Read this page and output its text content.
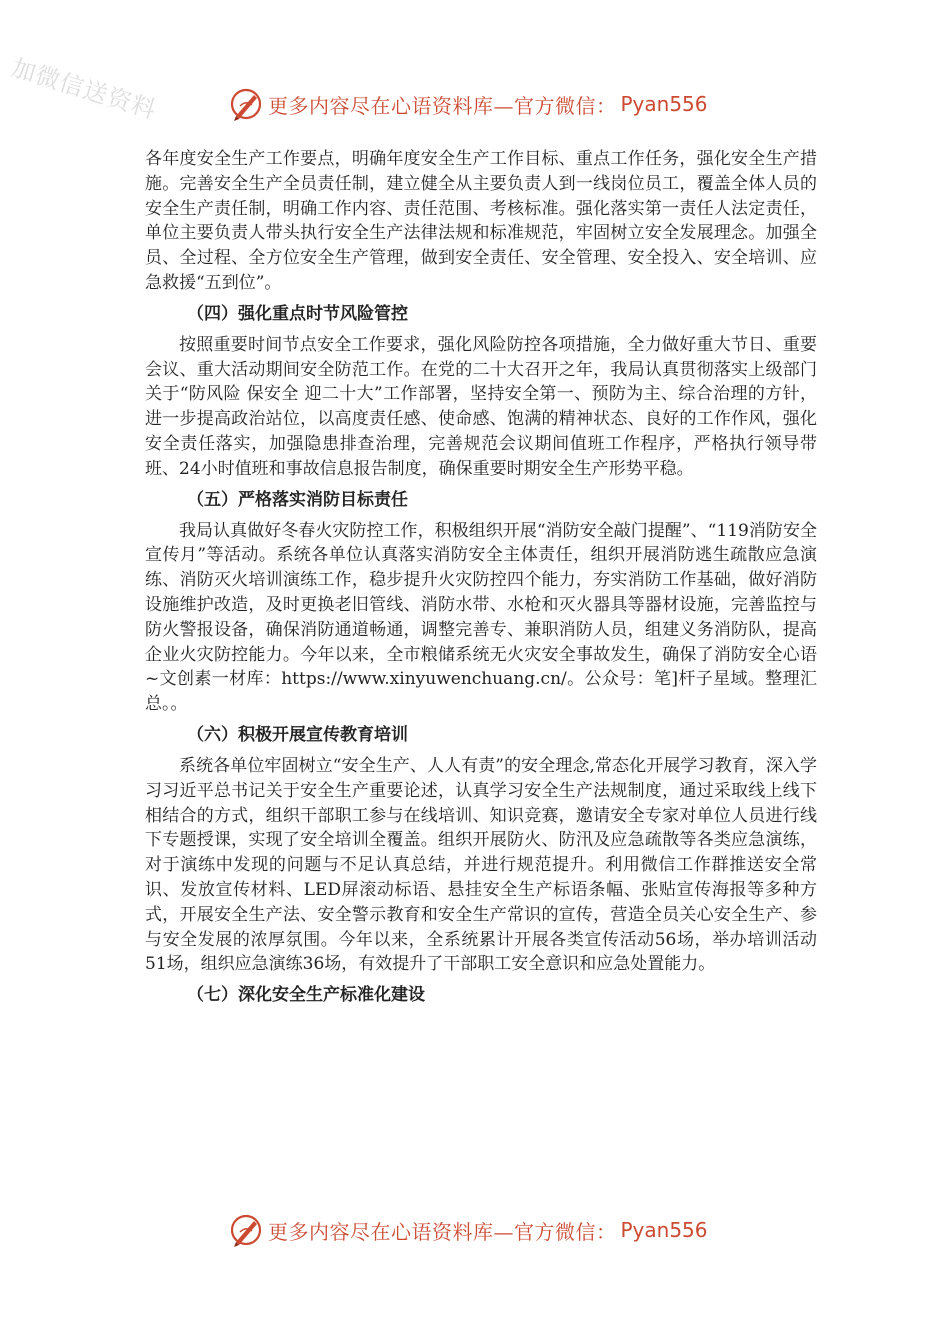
加微信送资料	更多内容尽在心语资料库—官方微信： Pyan556

各年度安全生产工作要点，明确年度安全生产工作目标、重点工作任务，强化安全生产措施。完善安全生产全员责任制，建立健全从主要负责人到一线岗位员工，覆盖全体人员的安全生产责任制，明确工作内容、责任范围、考核标准。强化落实第一责任人法定责任，单位主要负责人带头执行安全生产法律法规和标准规范，牢固树立安全发展理念。加强全员、全过程、全方位安全生产管理，做到安全责任、安全管理、安全投入、安全培训、应急救援“五到位”。

（四）强化重点时节风险管控

按照重要时间节点安全工作要求，强化风险防控各项措施，全力做好重大节日、重要会议、重大活动期间安全防范工作。在党的二十大召开之年，我局认真贯彻落实上级部门关于“防风险 保安全 迎二十大”工作部署，坚持安全第一、预防为主、综合治理的方针，进一步提高政治站位，以高度责任感、使命感、饱满的精神状态、良好的工作作风，强化安全责任落实，加强隐患排查治理，完善规范会议期间值班工作程序，严格执行领导带班、24小时值班和事故信息报告制度，确保重要时期安全生产形势平稳。

（五）严格落实消防目标责任

我局认真做好冬春火灾防控工作，积极组织开展“消防安全敲门提醒”、“119消防安全宣传月”等活动。系统各单位认真落实消防安全主体责任，组织开展消防逃生疏散应急演练、消防灭火培训演练工作，稳步提升火灾防控四个能力，夯实消防工作基础，做好消防设施维护改造，及时更换老旧管线、消防水带、水枪和灭火器具等器材设施，完善监控与防火警报设备，确保消防通道畅通，调整完善专、兼职消防人员，组建义务消防队，提高企业火灾防控能力。今年以来，全市粮储系统无火灾安全事故发生，确保了消防安全心语~文创素一材库：https://www.xinyuwenchuang.cn/。公众号：笔]杆子星域。整理汇总。。

（六）积极开展宣传教育培训

系统各单位牢固树立“安全生产、人人有责”的安全理念,常态化开展学习教育，深入学习习近平总书记关于安全生产重要论述，认真学习安全生产法规制度，通过采取线上线下相结合的方式，组织干部职工参与在线培训、知识竞赛，邀请安全专家对单位人员进行线下专题授课，实现了安全培训全覆盖。组织开展防火、防汛及应急疏散等各类应急演练，对于演练中发现的问题与不足认真总结，并进行规范提升。利用微信工作群推送安全常识、发放宣传材料、LED屏滚动标语、悬挂安全生产标语条幅、张贴宣传海报等多种方式，开展安全生产法、安全警示教育和安全生产常识的宣传，营造全员关心安全生产、参与安全发展的浓厚氛围。今年以来，全系统累计开展各类宣传活动56场，举办培训活动51场，组织应急演练36场，有效提升了干部职工安全意识和应急处置能力。

（七）深化安全生产标准化建设
更多内容尽在心语资料库—官方微信： Pyan556
